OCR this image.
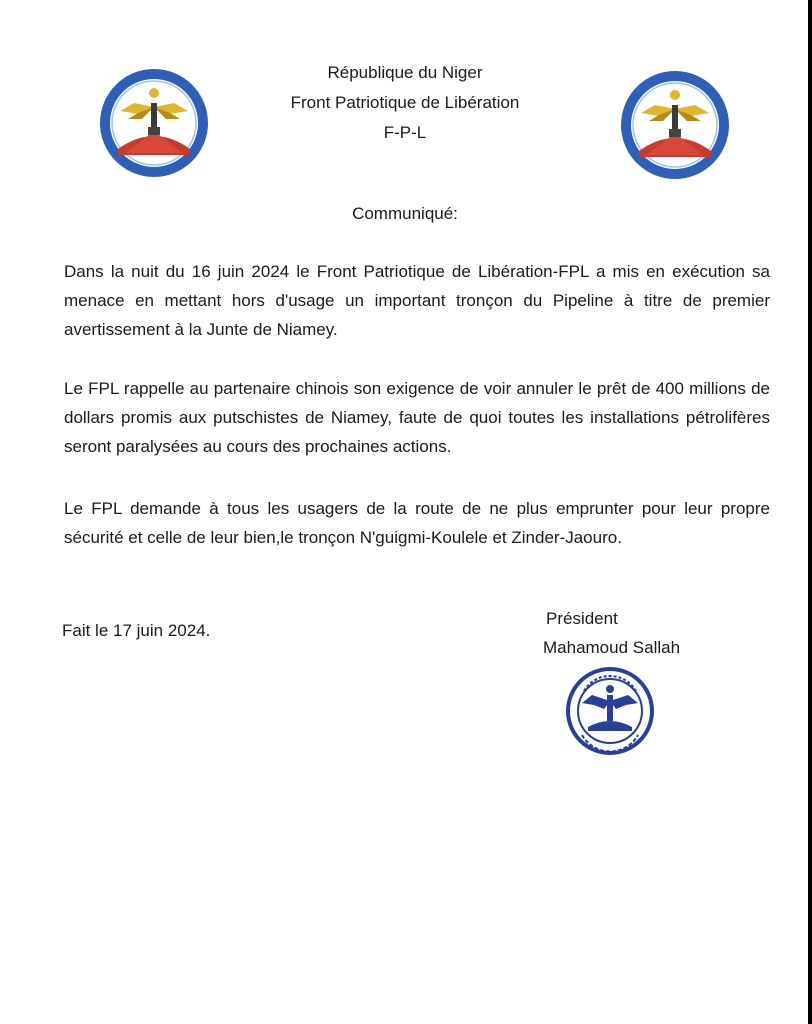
République du Niger
Front Patriotique de Libération
F-P-L
Communiqué:

Dans la nuit du 16 juin 2024 le Front Patriotique de Libération-FPL a mis en exécution sa menace en mettant hors d'usage un important tronçon du Pipeline à titre de premier avertissement à la Junte de Niamey.

Le FPL rappelle au partenaire chinois son exigence de voir annuler le prêt de 400 millions de dollars promis aux putschistes de Niamey, faute de quoi toutes les installations pétrolifères seront paralysées au cours des prochaines actions.

Le FPL demande à tous les usagers de la route de ne plus emprunter pour leur propre sécurité et celle de leur bien,le tronçon N'guigmi-Koulele et Zinder-Jaouro.

Fait le 17 juin 2024.
Président
Mahamoud Sallah
